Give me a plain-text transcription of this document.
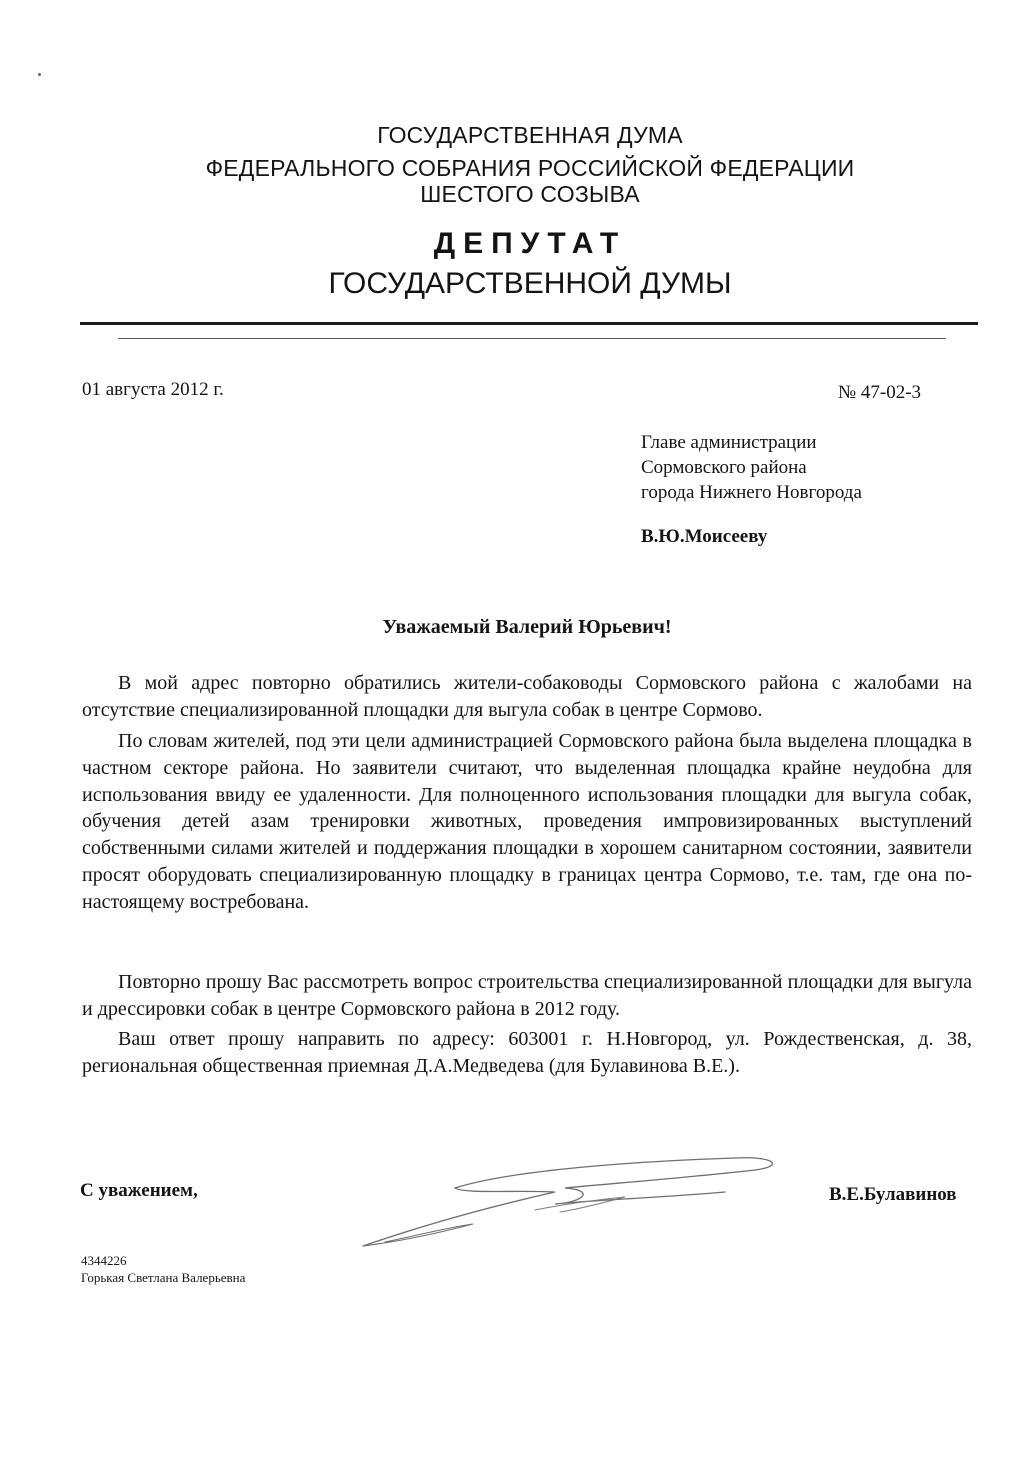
ГОСУДАРСТВЕННАЯ ДУМА
ФЕДЕРАЛЬНОГО СОБРАНИЯ РОССИЙСКОЙ ФЕДЕРАЦИИ
ШЕСТОГО СОЗЫВА
ДЕПУТАТ
ГОСУДАРСТВЕННОЙ ДУМЫ
01 августа 2012 г.	№ 47-02-3
Главе администрации
Сормовского района
города Нижнего Новгорода
В.Ю.Моисееву
Уважаемый Валерий Юрьевич!

В мой адрес повторно обратились жители-собаководы Сормовского района с жалобами на отсутствие специализированной площадки для выгула собак в центре Сормово.

По словам жителей, под эти цели администрацией Сормовского района была выделена площадка в частном секторе района. Но заявители считают, что выделенная площадка крайне неудобна для использования ввиду ее удаленности. Для полноценного использования площадки для выгула собак, обучения детей азам тренировки животных, проведения импровизированных выступлений собственными силами жителей и поддержания площадки в хорошем санитарном состоянии, заявители просят оборудовать специализированную площадку в границах центра Сормово, т.е. там, где она по-настоящему востребована.

Повторно прошу Вас рассмотреть вопрос строительства специализированной площадки для выгула и дрессировки собак в центре Сормовского района в 2012 году.

Ваш ответ прошу направить по адресу: 603001 г. Н.Новгород, ул. Рождественская, д. 38, региональная общественная приемная Д.А.Медведева (для Булавинова В.Е.).

С уважением,	В.Е.Булавинов
4344226
Горькая Светлана Валерьевна
